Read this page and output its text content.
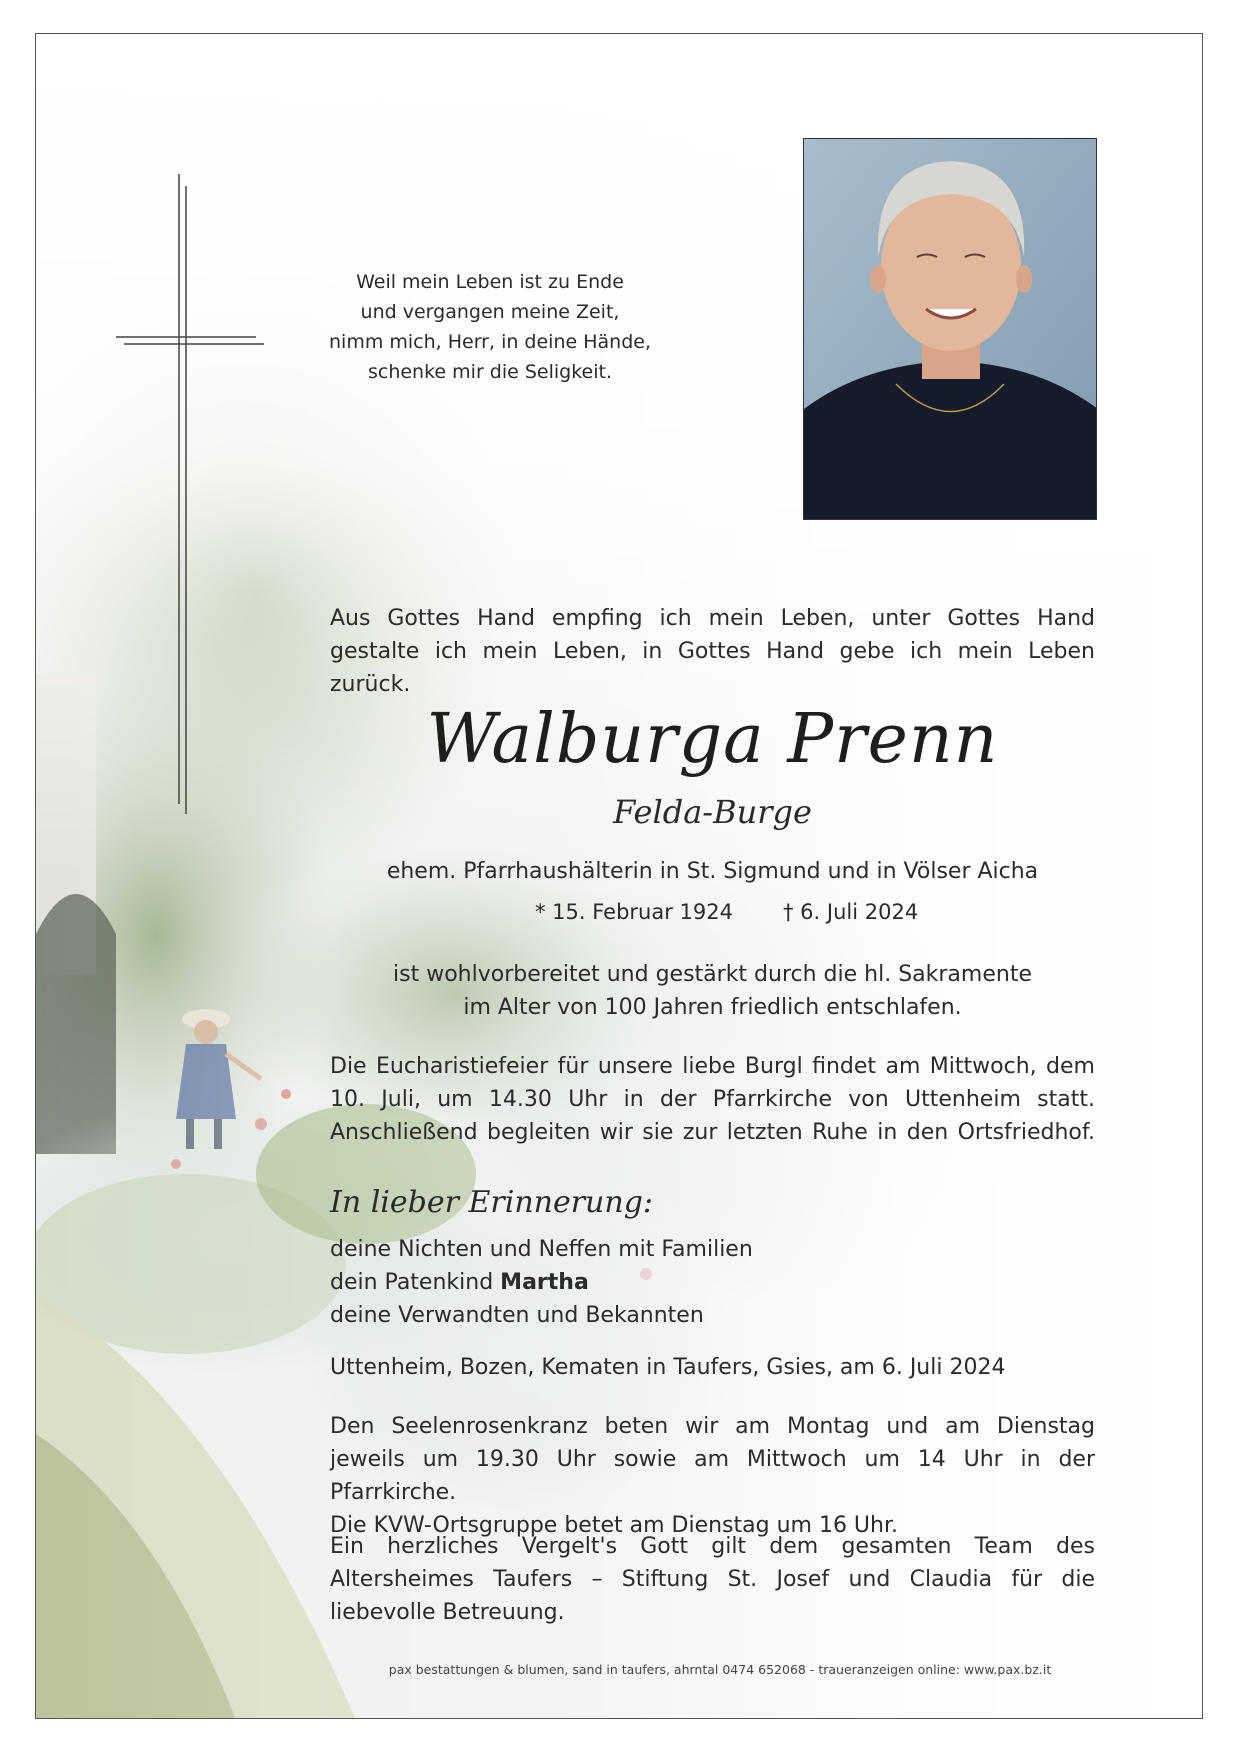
Weil mein Leben ist zu Ende
und vergangen meine Zeit,
nimm mich, Herr, in deine Hände,
schenke mir die Seligkeit.
Aus Gottes Hand empfing ich mein Leben, unter Gottes Hand
gestalte ich mein Leben, in Gottes Hand gebe ich mein Leben zurück.
Walburga Prenn
Felda-Burge
ehem. Pfarrhaushälterin in St. Sigmund und in Völser Aicha
* 15. Februar 1924 † 6. Juli 2024
ist wohlvorbereitet und gestärkt durch die hl. Sakramente
im Alter von 100 Jahren friedlich entschlafen.
Die Eucharistiefeier für unsere liebe Burgl findet am Mittwoch, dem
10. Juli, um 14.30 Uhr in der Pfarrkirche von Uttenheim statt.
Anschließend begleiten wir sie zur letzten Ruhe in den Ortsfriedhof.
In lieber Erinnerung:
deine Nichten und Neffen mit Familien
dein Patenkind Martha
deine Verwandten und Bekannten
Uttenheim, Bozen, Kematen in Taufers, Gsies, am 6. Juli 2024
Den Seelenrosenkranz beten wir am Montag und am Dienstag
jeweils um 19.30 Uhr sowie am Mittwoch um 14 Uhr in der Pfarrkirche.
Die KVW-Ortsgruppe betet am Dienstag um 16 Uhr.
Ein herzliches Vergelt's Gott gilt dem gesamten Team des
Altersheimes Taufers – Stiftung St. Josef und Claudia für die
liebevolle Betreuung.
pax bestattungen & blumen, sand in taufers, ahrntal 0474 652068 - traueranzeigen online: www.pax.bz.it
